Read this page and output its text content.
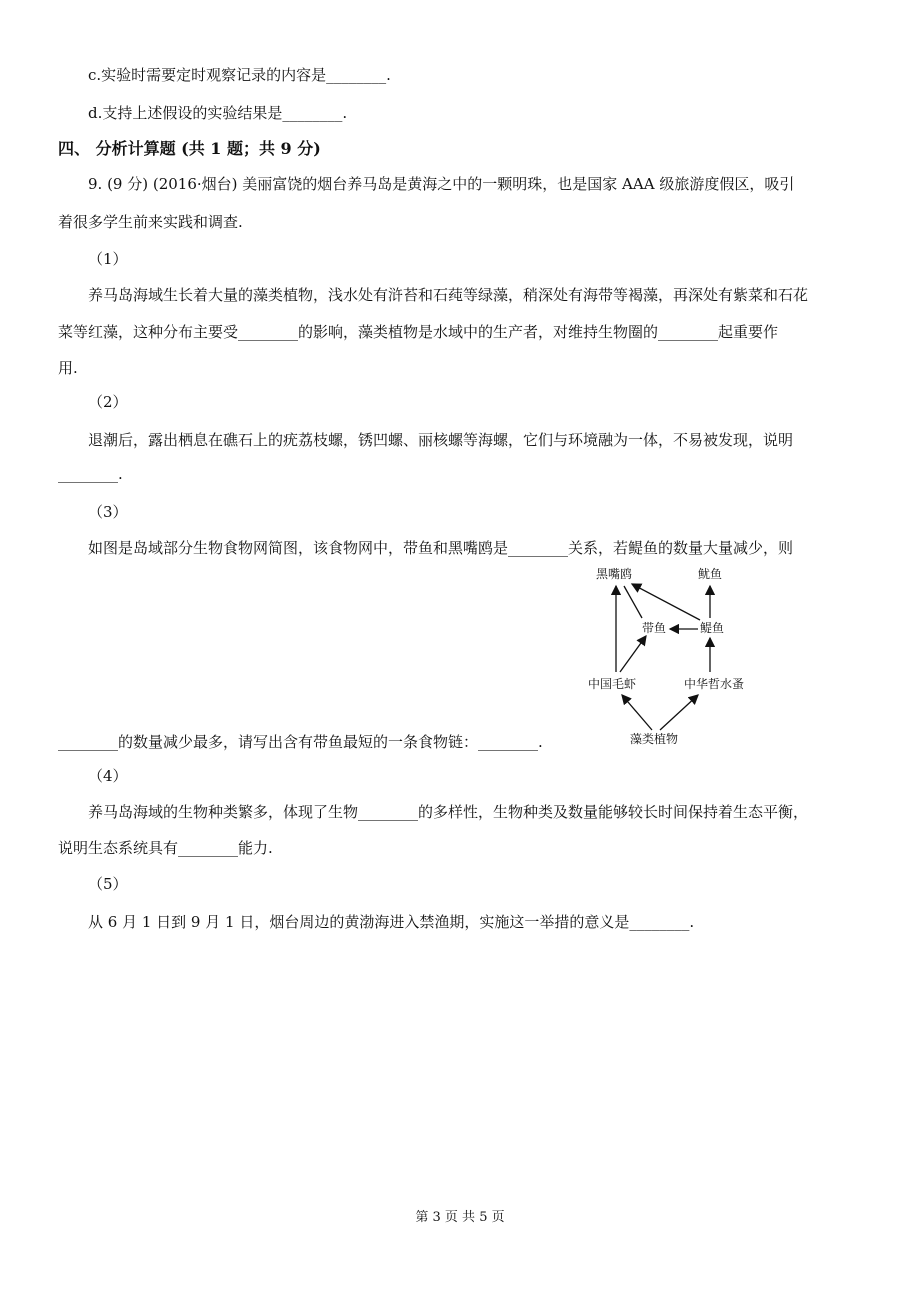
c.实验时需要定时观察记录的内容是________.
d.支持上述假设的实验结果是________.
四、 分析计算题 (共 1 题；共 9 分)
9. (9 分) (2016·烟台) 美丽富饶的烟台养马岛是黄海之中的一颗明珠，也是国家 AAA 级旅游度假区，吸引
着很多学生前来实践和调查.
（1）
养马岛海域生长着大量的藻类植物，浅水处有浒苔和石莼等绿藻，稍深处有海带等褐藻，再深处有紫菜和石花
菜等红藻，这种分布主要受________的影响，藻类植物是水域中的生产者，对维持生物圈的________起重要作
用.
（2）
退潮后，露出栖息在礁石上的疣荔枝螺，锈凹螺、丽核螺等海螺，它们与环境融为一体，不易被发现，说明
________.
（3）
如图是岛域部分生物食物网简图，该食物网中，带鱼和黑嘴鸥是________关系，若鳀鱼的数量大量减少，则
黑嘴鸥	鱿鱼
带鱼	鳀鱼
中国毛虾	中华哲水蚤
藻类植物
________的数量减少最多，请写出含有带鱼最短的一条食物链：________.
（4）
养马岛海域的生物种类繁多，体现了生物________的多样性，生物种类及数量能够较长时间保持着生态平衡，
说明生态系统具有________能力.
（5）
从 6 月 1 日到 9 月 1 日，烟台周边的黄渤海进入禁渔期，实施这一举措的意义是________.
第 3 页 共 5 页
